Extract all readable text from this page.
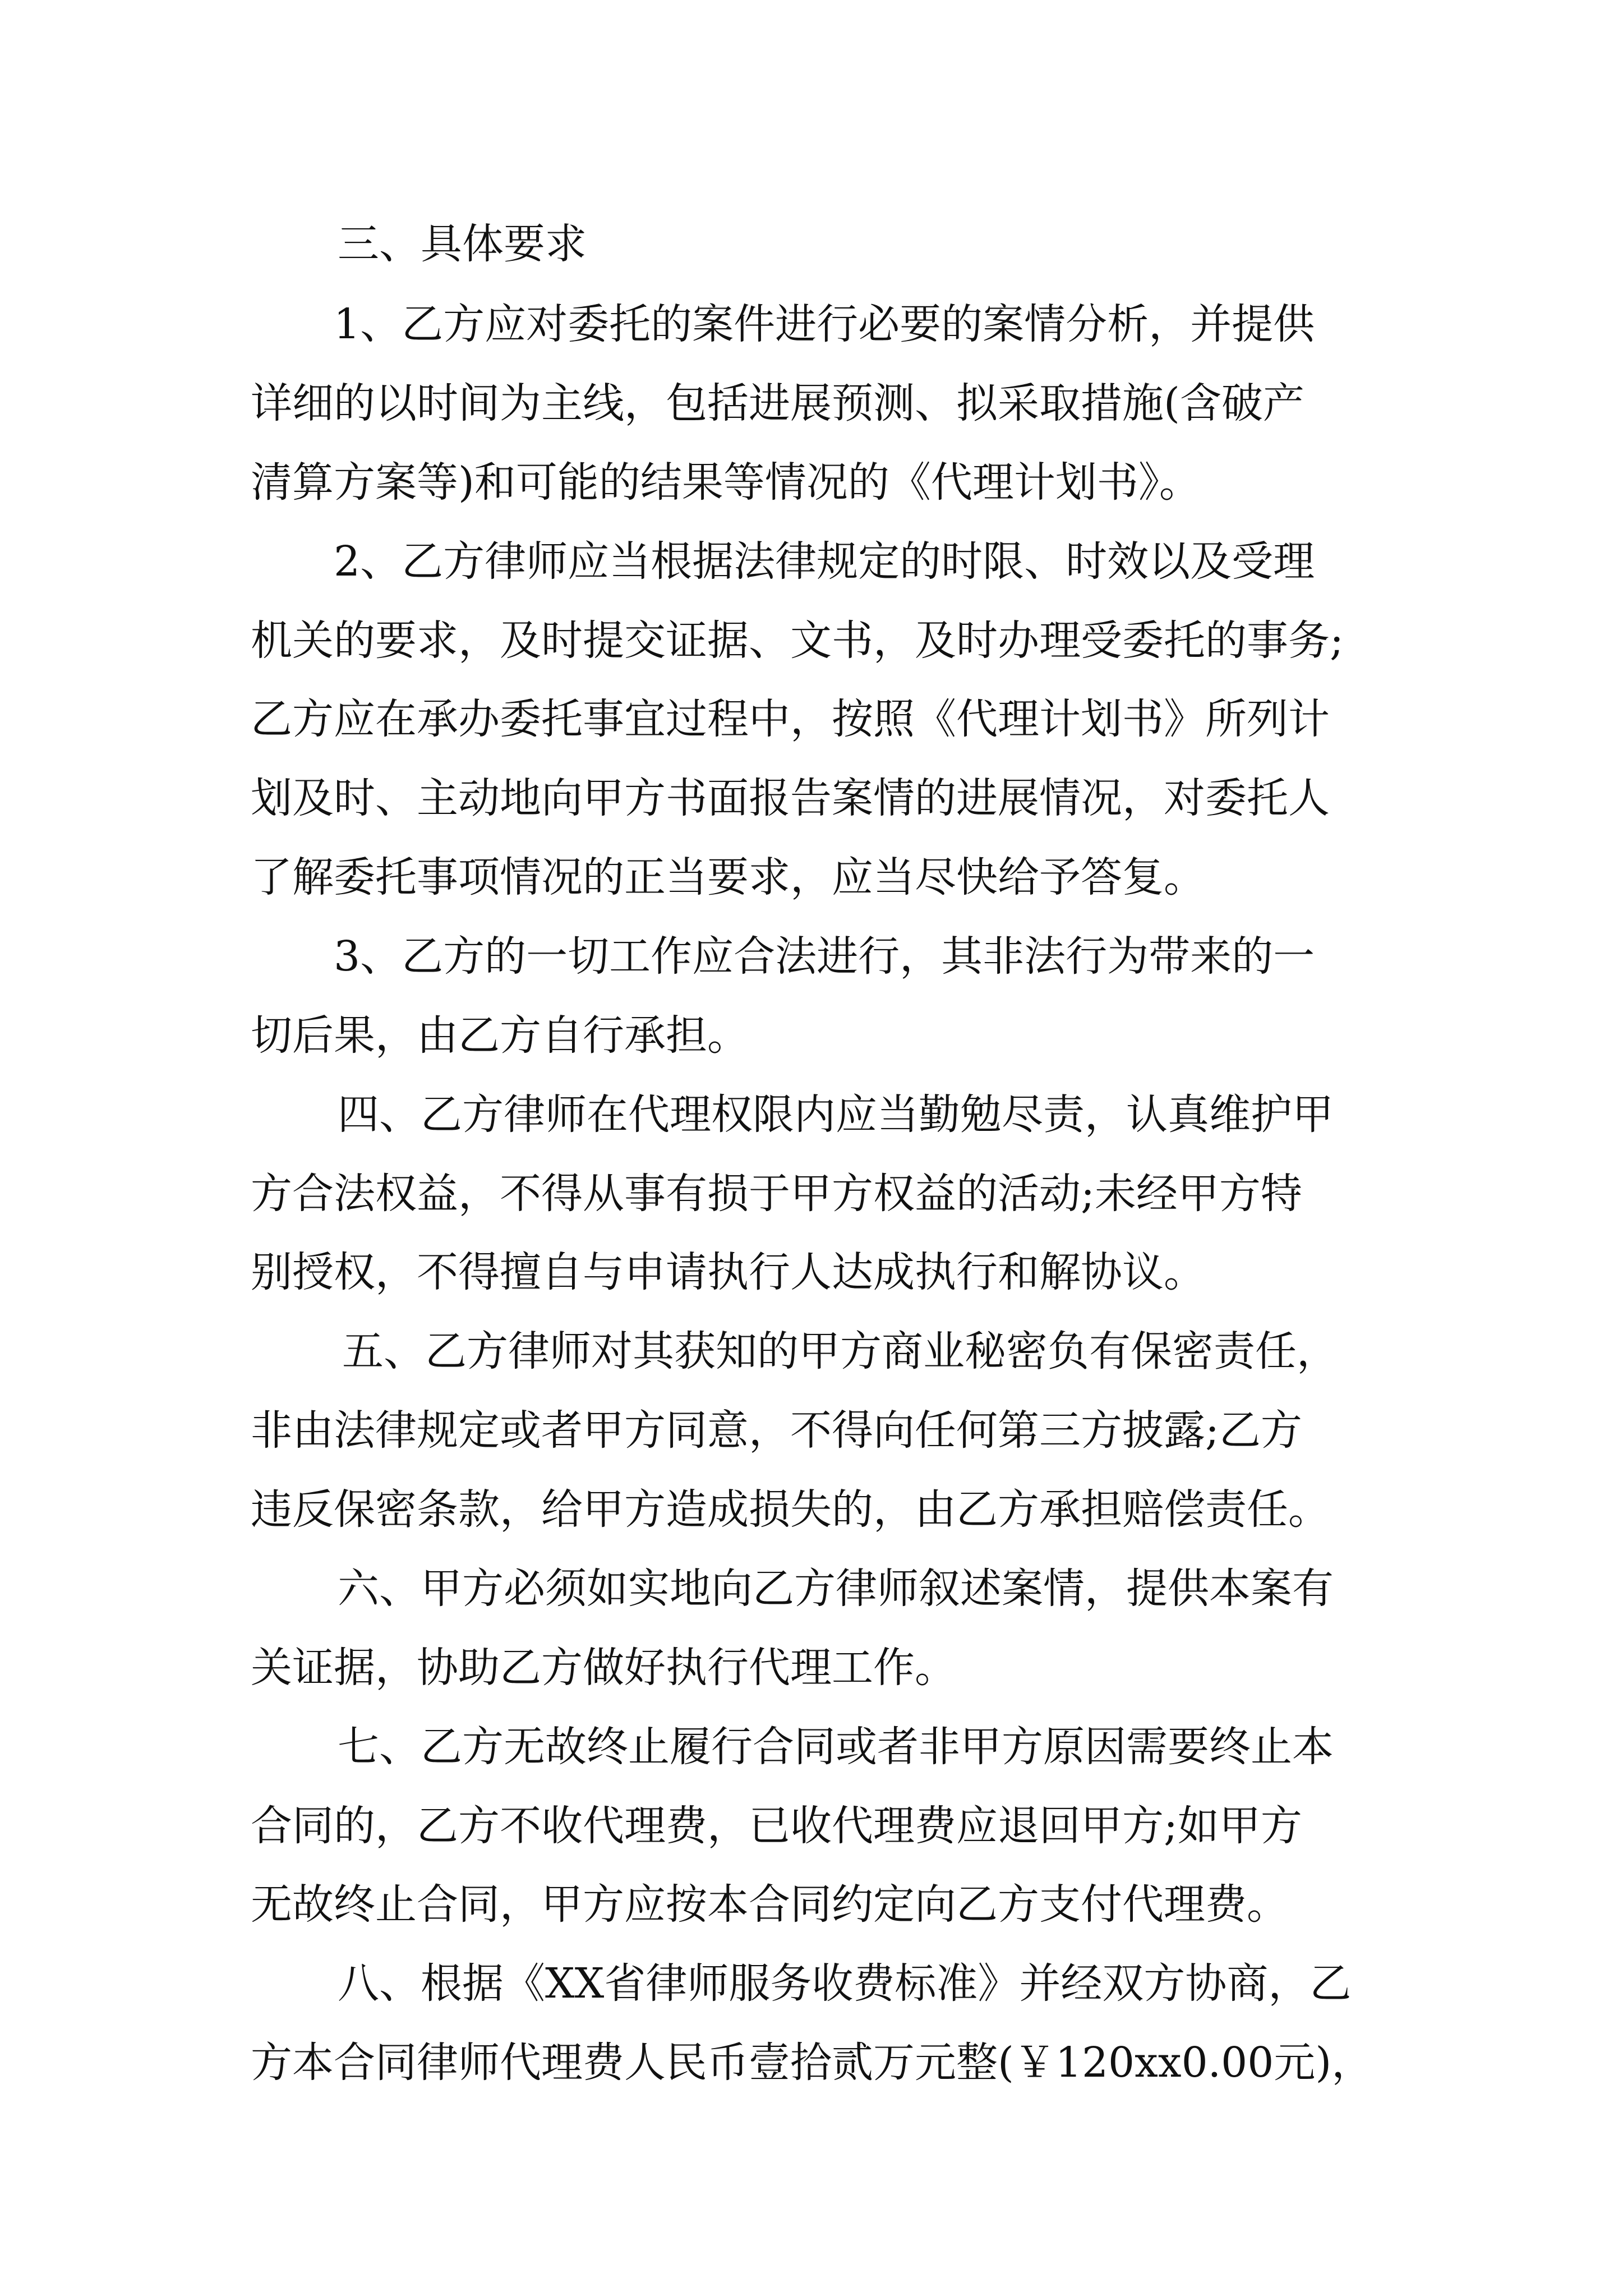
三、具体要求
1、乙方应对委托的案件进行必要的案情分析，并提供
详细的以时间为主线，包括进展预测、拟采取措施(含破产
清算方案等)和可能的结果等情况的《代理计划书》。
2、乙方律师应当根据法律规定的时限、时效以及受理
机关的要求，及时提交证据、文书，及时办理受委托的事务;
乙方应在承办委托事宜过程中，按照《代理计划书》所列计
划及时、主动地向甲方书面报告案情的进展情况，对委托人
了解委托事项情况的正当要求，应当尽快给予答复。
3、乙方的一切工作应合法进行，其非法行为带来的一
切后果，由乙方自行承担。
四、乙方律师在代理权限内应当勤勉尽责，认真维护甲
方合法权益，不得从事有损于甲方权益的活动;未经甲方特
别授权，不得擅自与申请执行人达成执行和解协议。
五、乙方律师对其获知的甲方商业秘密负有保密责任，
非由法律规定或者甲方同意，不得向任何第三方披露;乙方
违反保密条款，给甲方造成损失的，由乙方承担赔偿责任。
六、甲方必须如实地向乙方律师叙述案情，提供本案有
关证据，协助乙方做好执行代理工作。
七、乙方无故终止履行合同或者非甲方原因需要终止本
合同的，乙方不收代理费，已收代理费应退回甲方;如甲方
无故终止合同，甲方应按本合同约定向乙方支付代理费。
八、根据《XX省律师服务收费标准》并经双方协商，乙
方本合同律师代理费人民币壹拾贰万元整(￥120xx0.00元)，
